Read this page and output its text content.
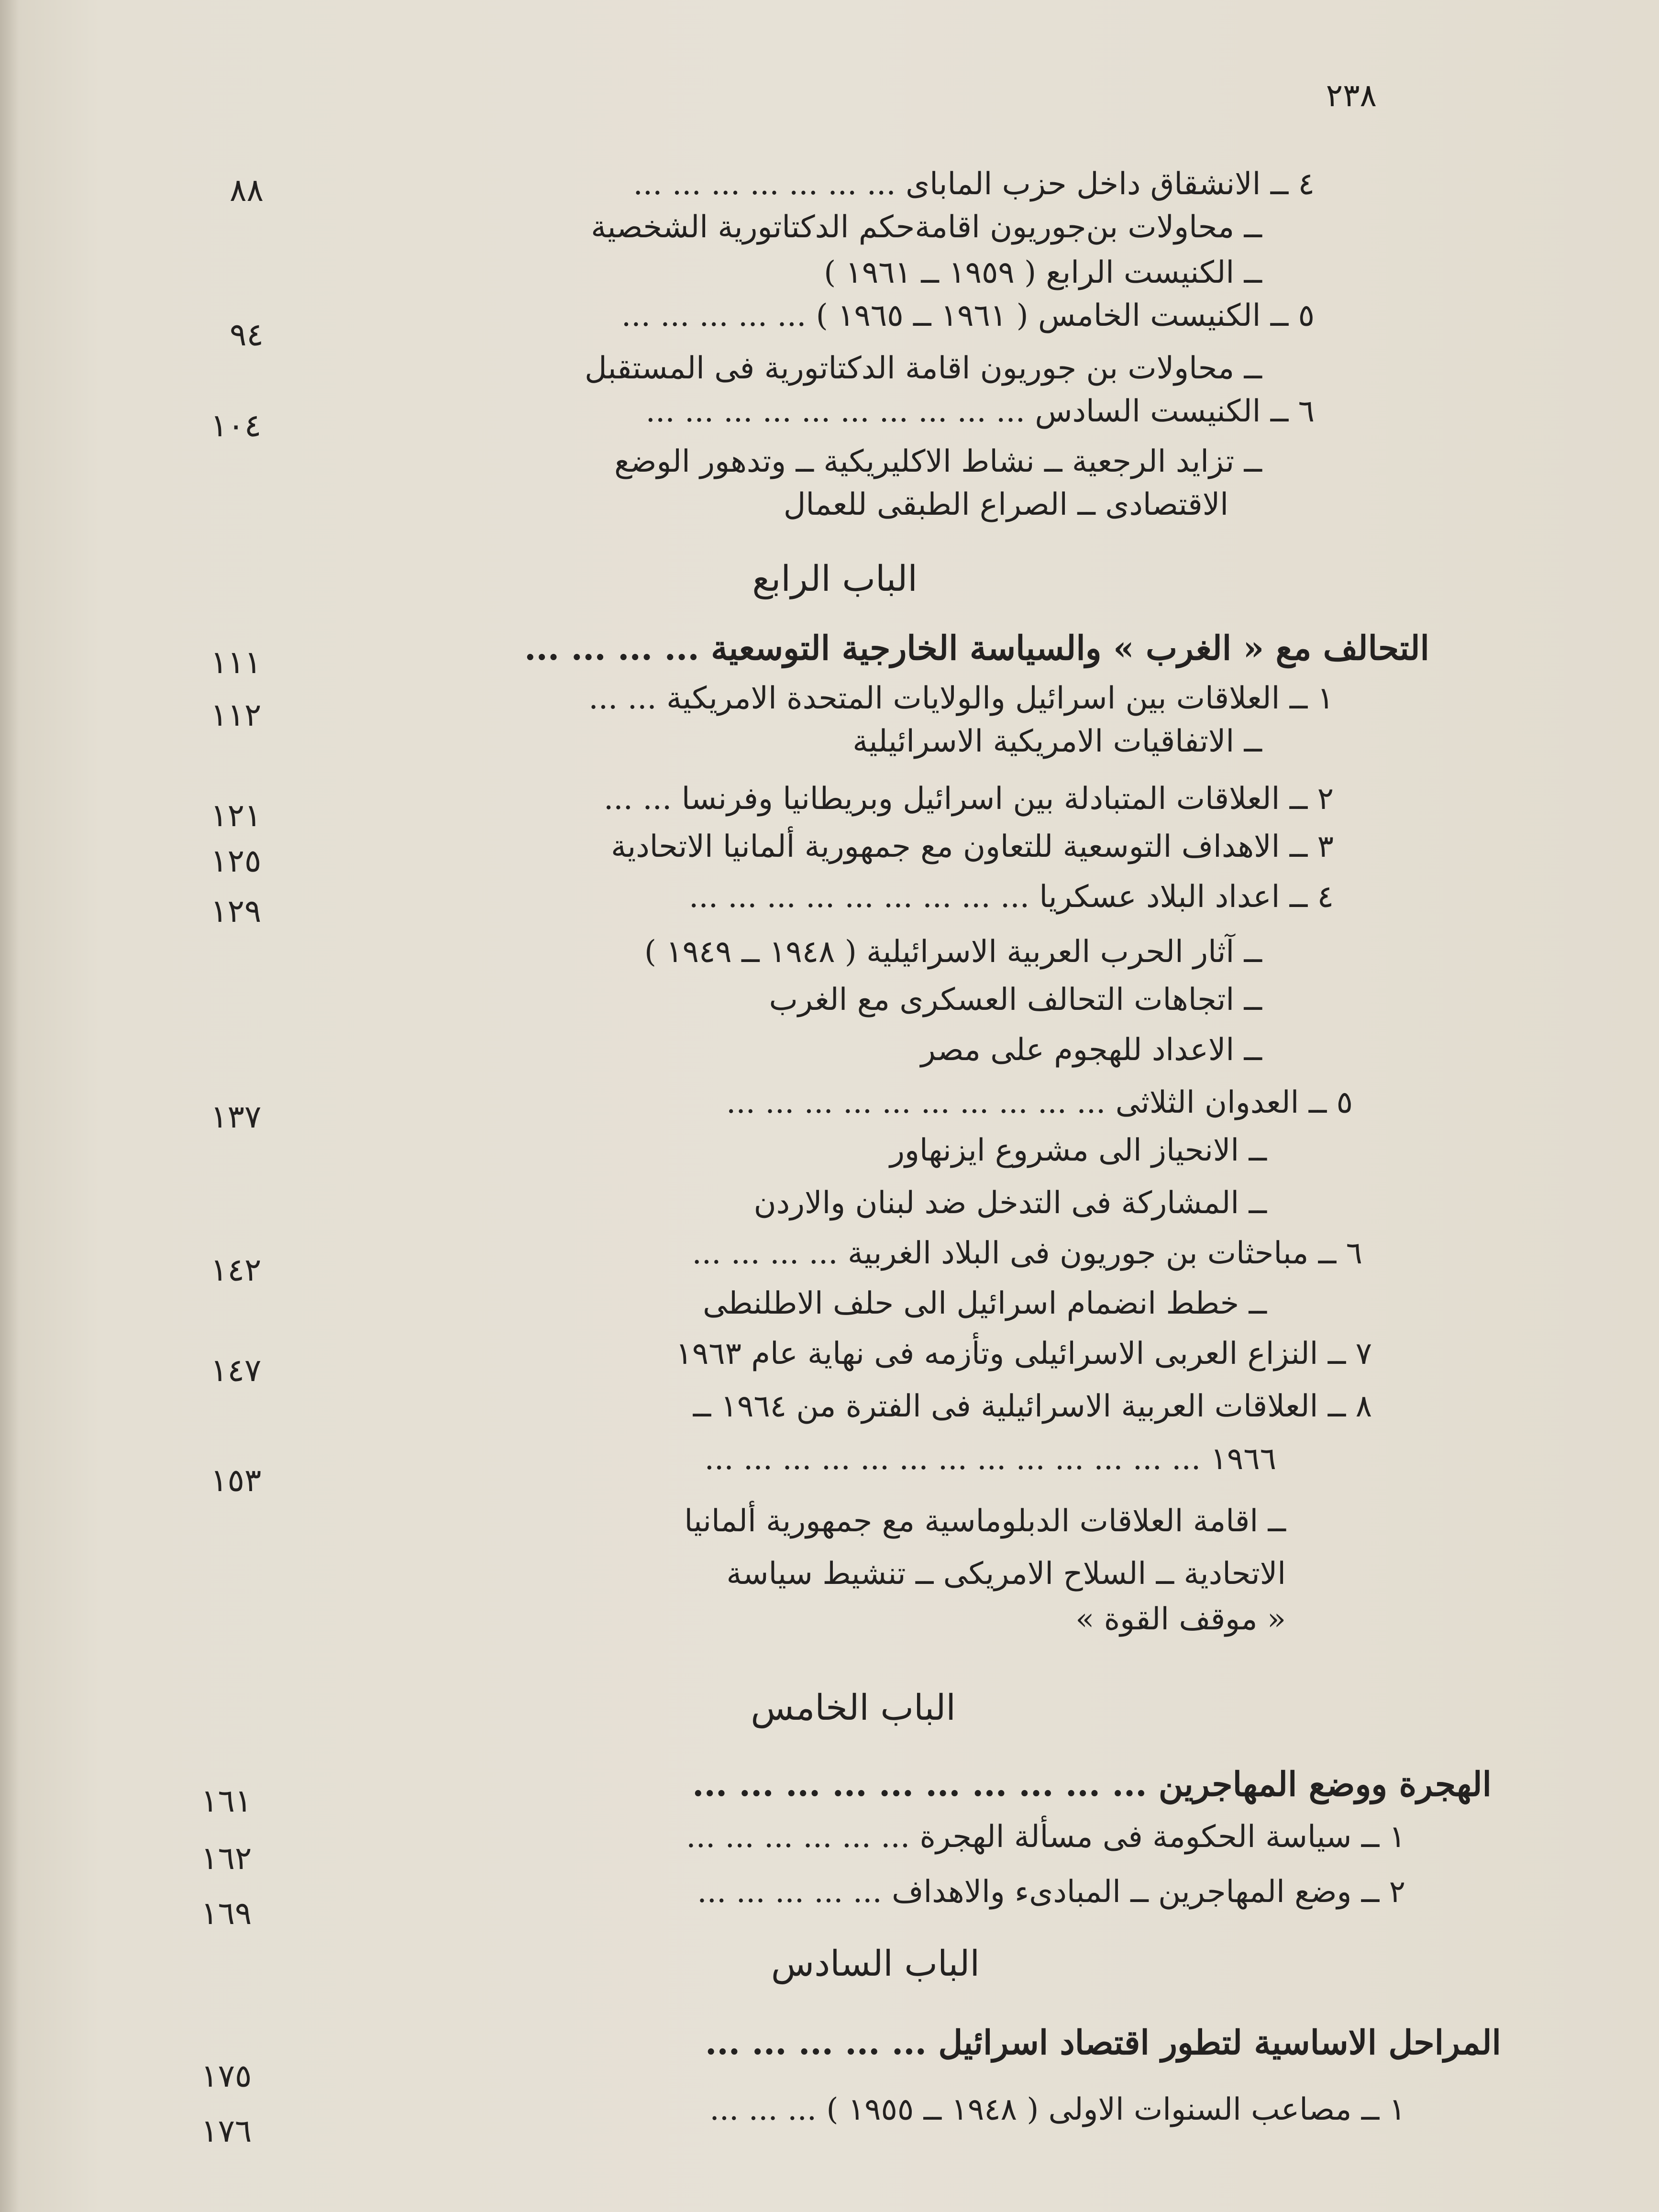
٢٣٨
٤ ــ الانشقاق داخل حزب الماباى ... ... ... ... ... ... ...
٨٨
ــ محاولات بن‌جوريون اقامة‌حكم الدكتاتورية الشخصية
ــ الكنيست الرابع ( ١٩٥٩ ــ ١٩٦١ )
٥ ــ الكنيست الخامس ( ١٩٦١ ــ ١٩٦٥ ) ... ... ... ... ...
٩٤
ــ محاولات بن جوريون اقامة الدكتاتورية فى المستقبل
٦ ــ الكنيست السادس ... ... ... ... ... ... ... ... ... ...
١٠٤
ــ تزايد الرجعية ــ نشاط الاكليريكية ــ وتدهور الوضع
الاقتصادى ــ الصراع الطبقى للعمال
الباب الرابع
التحالف مع « الغرب » والسياسة الخارجية التوسعية ... ... ... ...
١١١
١ ــ العلاقات بين اسرائيل والولايات المتحدة الامريكية ... ...
١١٢
ــ الاتفاقيات الامريكية الاسرائيلية
٢ ــ العلاقات المتبادلة بين اسرائيل وبريطانيا وفرنسا ... ...
١٢١
٣ ــ الاهداف التوسعية للتعاون مع جمهورية ألمانيا الاتحادية
١٢٥
٤ ــ اعداد البلاد عسكريا ... ... ... ... ... ... ... ... ...
١٢٩
ــ آثار الحرب العربية الاسرائيلية ( ١٩٤٨ ــ ١٩٤٩ )
ــ اتجاهات التحالف العسكرى مع الغرب
ــ الاعداد للهجوم على مصر
٥ ــ العدوان الثلاثى ... ... ... ... ... ... ... ... ... ...
١٣٧
ــ الانحياز الى مشروع ايزنهاور
ــ المشاركة فى التدخل ضد لبنان والاردن
٦ ــ مباحثات بن جوريون فى البلاد الغربية ... ... ... ...
١٤٢
ــ خطط انضمام اسرائيل الى حلف الاطلنطى
٧ ــ النزاع العربى الاسرائيلى وتأزمه فى نهاية عام ١٩٦٣
١٤٧
٨ ــ العلاقات العربية الاسرائيلية فى الفترة من ١٩٦٤ ــ
١٩٦٦ ... ... ... ... ... ... ... ... ... ... ... ... ...
١٥٣
ــ اقامة العلاقات الدبلوماسية مع جمهورية ألمانيا
الاتحادية ــ السلاح الامريكى ــ تنشيط سياسة
« موقف القوة »
الباب الخامس
الهجرة ووضع المهاجرين ... ... ... ... ... ... ... ... ... ...
١٦١
١ ــ سياسة الحكومة فى مسألة الهجرة ... ... ... ... ... ...
١٦٢
٢ ــ وضع المهاجرين ــ المبادىء والاهداف ... ... ... ... ...
١٦٩
الباب السادس
المراحل الاساسية لتطور اقتصاد اسرائيل ... ... ... ... ...
١٧٥
١ ــ مصاعب السنوات الاولى ( ١٩٤٨ ــ ١٩٥٥ ) ... ... ...
١٧٦
